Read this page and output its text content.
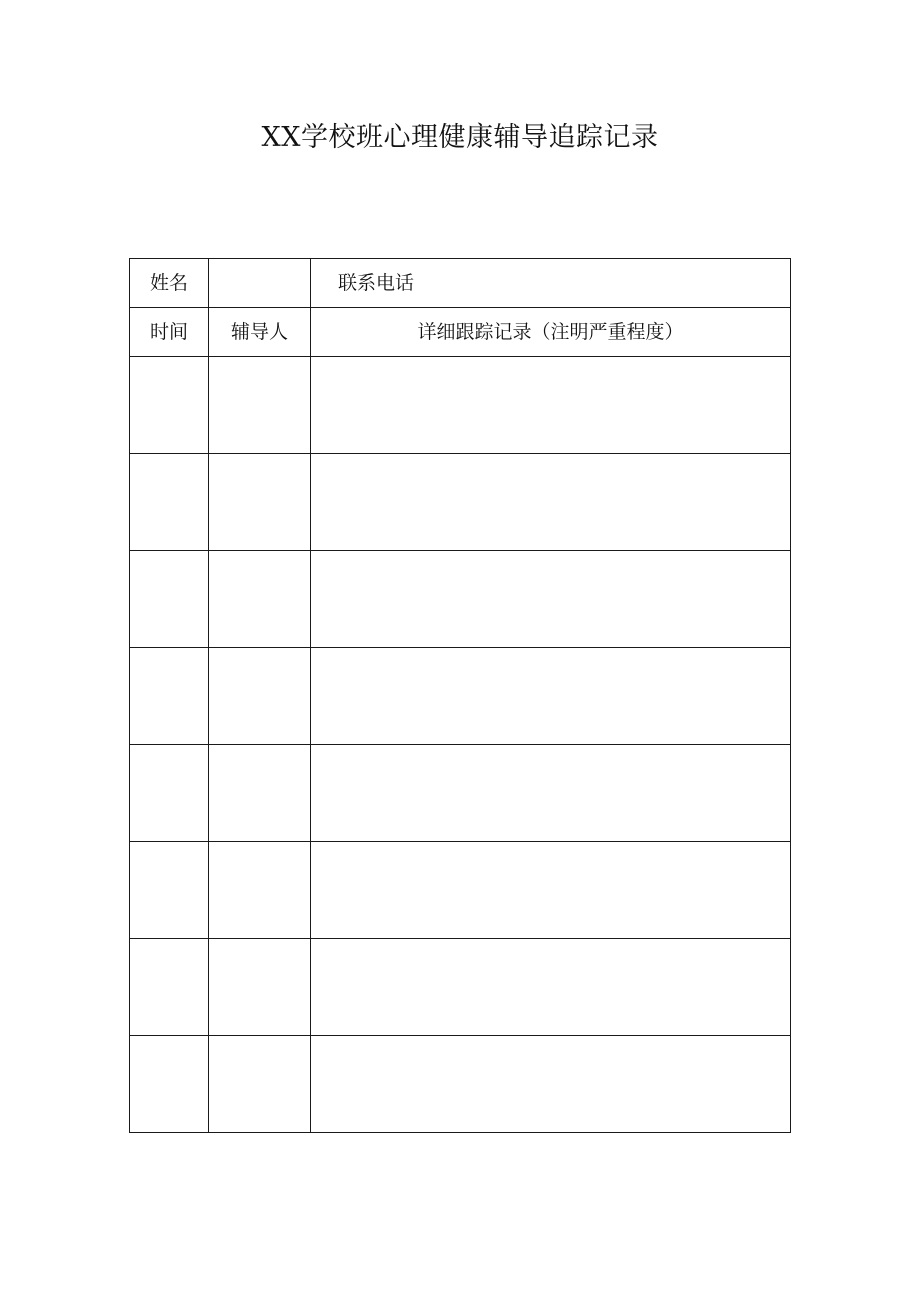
XX学校班心理健康辅导追踪记录
姓名		联系电话
时间	辅导人	详细跟踪记录（注明严重程度）
